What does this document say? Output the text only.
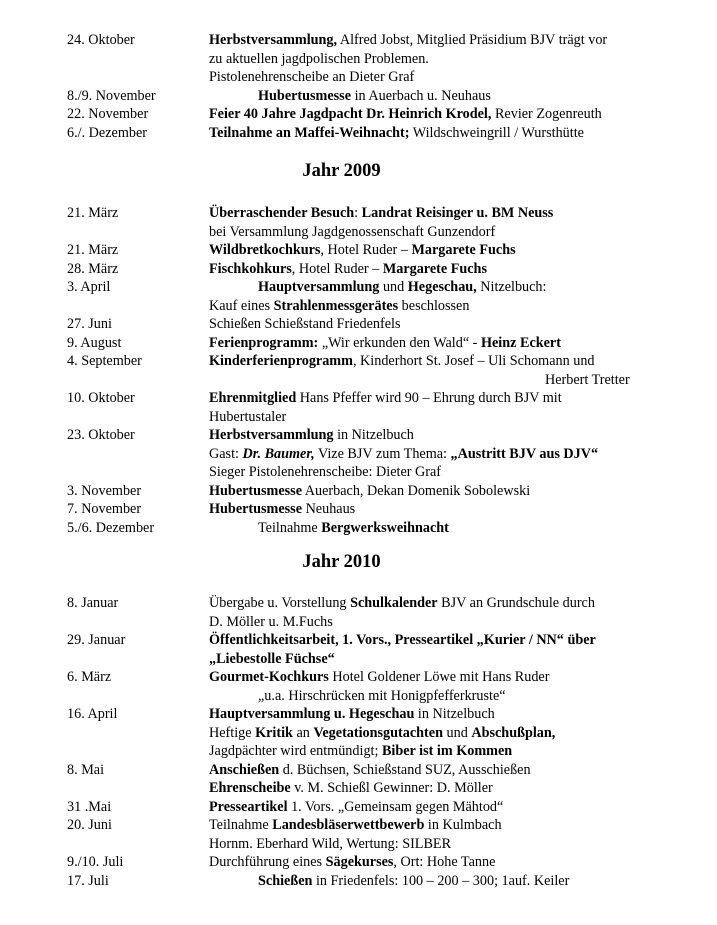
24. Oktober	Herbstversammlung, Alfred Jobst, Mitglied Präsidium BJV trägt vor
zu aktuellen jagdpolischen Problemen.
Pistolenehrenscheibe an Dieter Graf
8./9. November	Hubertusmesse in Auerbach u. Neuhaus
22. November	Feier 40 Jahre Jagdpacht Dr. Heinrich Krodel, Revier Zogenreuth
6./. Dezember	Teilnahme an Maffei-Weihnacht; Wildschweingrill / Wursthütte
Jahr 2009
21. März	Überraschender Besuch: Landrat Reisinger u. BM Neuss
bei Versammlung Jagdgenossenschaft Gunzendorf
21. März	Wildbretkochkurs, Hotel Ruder – Margarete Fuchs
28. März	Fischkohkurs, Hotel Ruder – Margarete Fuchs
3. April	Hauptversammlung und Hegeschau, Nitzelbuch:
Kauf eines Strahlenmessgerätes beschlossen
27. Juni	Schießen Schießstand Friedenfels
9. August	Ferienprogramm: „Wir erkunden den Wald“ - Heinz Eckert
4. September	Kinderferienprogramm, Kinderhort St. Josef – Uli Schomann und
Herbert Tretter
10. Oktober	Ehrenmitglied Hans Pfeffer wird 90 – Ehrung durch BJV mit
Hubertustaler
23. Oktober	Herbstversammlung in Nitzelbuch
Gast: Dr. Baumer, Vize BJV zum Thema: „Austritt BJV aus DJV“
Sieger Pistolenehrenscheibe: Dieter Graf
3. November	Hubertusmesse Auerbach, Dekan Domenik Sobolewski
7. November	Hubertusmesse Neuhaus
5./6. Dezember	Teilnahme Bergwerksweihnacht
Jahr 2010
8. Januar	Übergabe u. Vorstellung Schulkalender BJV an Grundschule durch
D. Möller u. M.Fuchs
29. Januar	Öffentlichkeitsarbeit, 1. Vors., Presseartikel „Kurier / NN“ über
„Liebestolle Füchse“
6. März	Gourmet-Kochkurs Hotel Goldener Löwe mit Hans Ruder
„u.a. Hirschrücken mit Honigpfefferkruste“
16. April	Hauptversammlung u. Hegeschau in Nitzelbuch
Heftige Kritik an Vegetationsgutachten und Abschußplan,
Jagdpächter wird entmündigt; Biber ist im Kommen
8. Mai	Anschießen d. Büchsen, Schießstand SUZ, Ausschießen
Ehrenscheibe v. M. Schießl Gewinner: D. Möller
31 .Mai	Presseartikel 1. Vors. „Gemeinsam gegen Mähtod“
20. Juni	Teilnahme Landesbläserwettbewerb in Kulmbach
Hornm. Eberhard Wild, Wertung: SILBER
9./10. Juli	Durchführung eines Sägekurses, Ort: Hohe Tanne
17. Juli	Schießen in Friedenfels: 100 – 200 – 300; 1auf. Keiler
